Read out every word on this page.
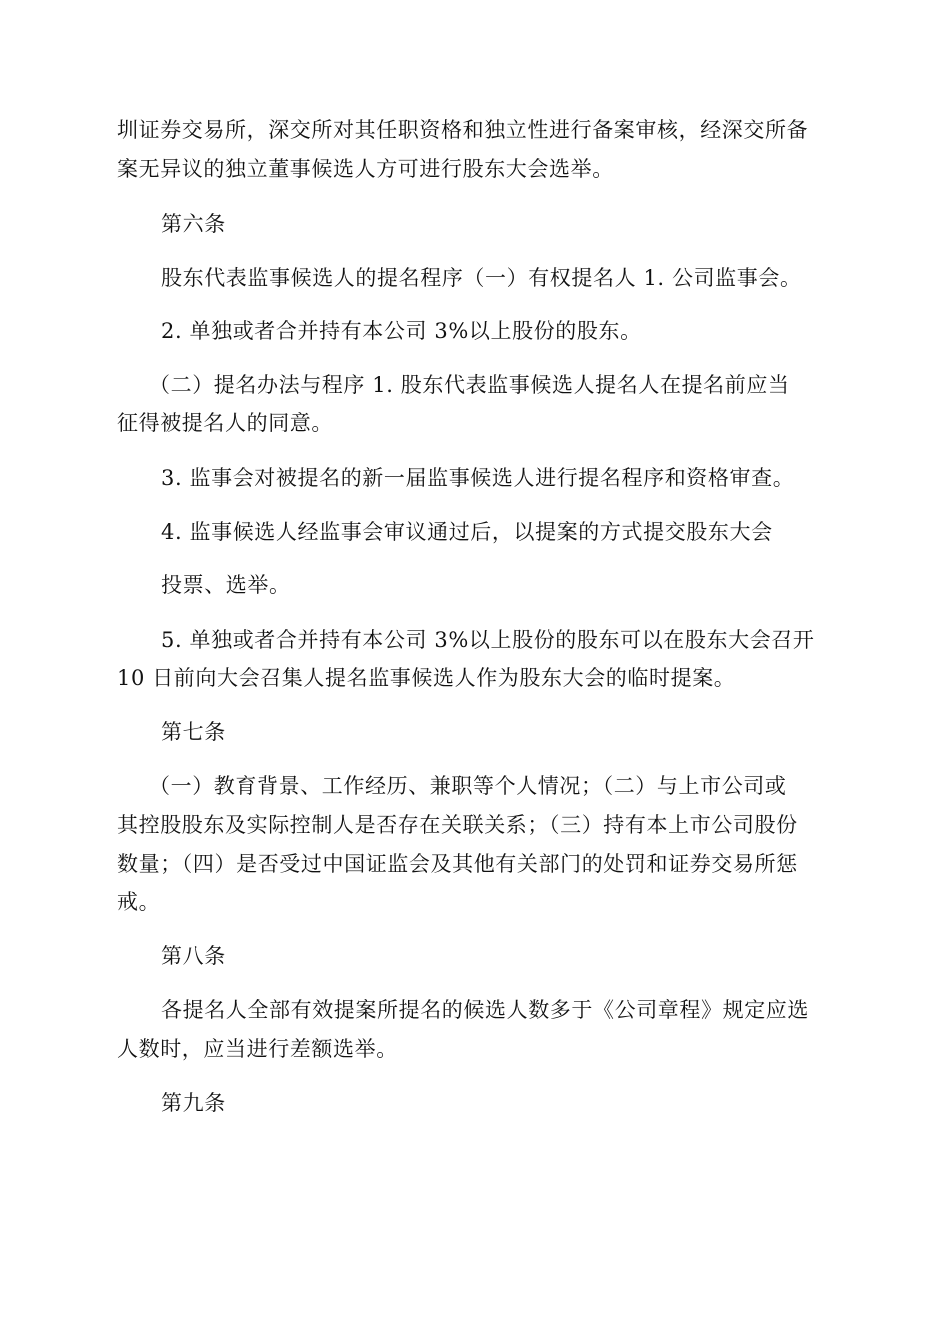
圳证券交易所，深交所对其任职资格和独立性进行备案审核，经深交所备

案无异议的独立董事候选人方可进行股东大会选举。

第六条

股东代表监事候选人的提名程序（一）有权提名人 1. 公司监事会。

2. 单独或者合并持有本公司 3%以上股份的股东。

（二）提名办法与程序 1. 股东代表监事候选人提名人在提名前应当

征得被提名人的同意。

3. 监事会对被提名的新一届监事候选人进行提名程序和资格审查。

4. 监事候选人经监事会审议通过后，以提案的方式提交股东大会

投票、选举。

5. 单独或者合并持有本公司 3%以上股份的股东可以在股东大会召开

10 日前向大会召集人提名监事候选人作为股东大会的临时提案。

第七条

（一）教育背景、工作经历、兼职等个人情况；（二）与上市公司或

其控股股东及实际控制人是否存在关联关系；（三）持有本上市公司股份

数量；（四）是否受过中国证监会及其他有关部门的处罚和证券交易所惩

戒。

第八条

各提名人全部有效提案所提名的候选人数多于《公司章程》规定应选

人数时，应当进行差额选举。

第九条
